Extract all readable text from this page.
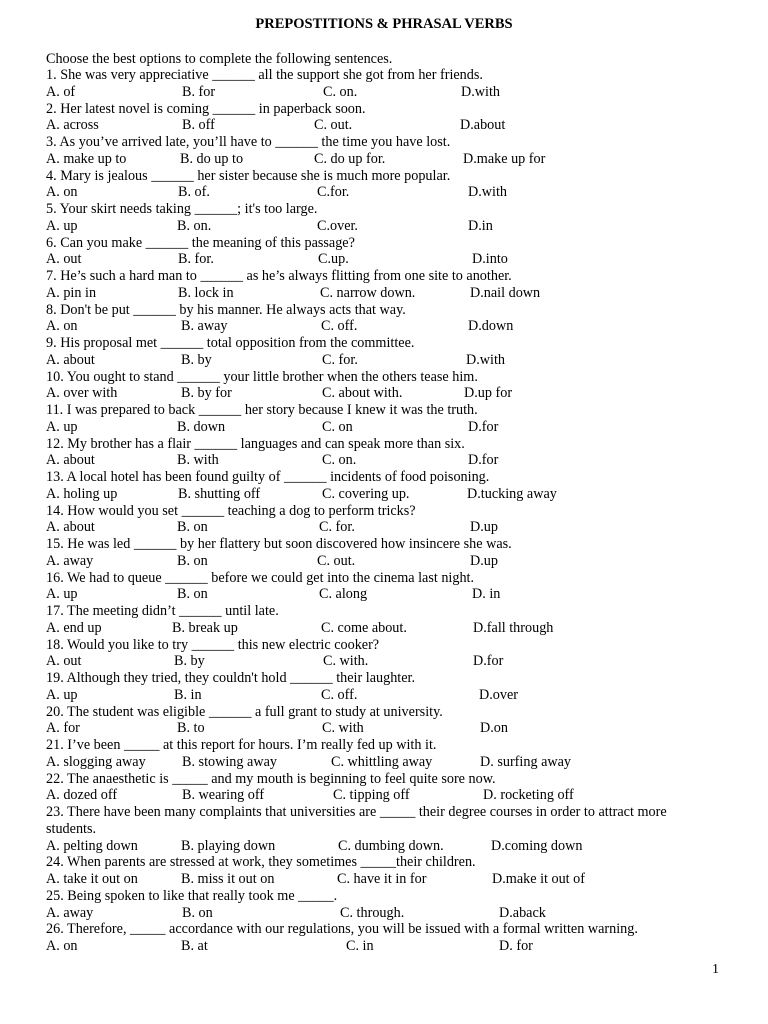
PREPOSTITIONS & PHRASAL VERBS
Choose the best options to complete the following sentences.
1. She was very appreciative ______ all the support she got from her friends.
A. of	B. for	C. on.	D.with
2. Her latest novel is coming ______ in paperback soon.
A. across	B. off	C. out.	D.about
3. As you’ve arrived late, you’ll have to ______ the time you have lost.
A. make up to	B. do up to	C. do up for.	D.make up for
4. Mary is jealous ______ her sister because she is much more popular.
A. on	B. of.	C.for.	D.with
5. Your skirt needs taking ______; it's too large.
A. up	B. on.	C.over.	D.in
6. Can you make ______ the meaning of this passage?
A. out	B. for.	C.up.	D.into
7. He’s such a hard man to ______ as he’s always flitting from one site to another.
A. pin in	B. lock in	C. narrow down.	D.nail down
8. Don't be put ______ by his manner. He always acts that way.
A. on	B. away	C. off.	D.down
9. His proposal met ______ total opposition from the committee.
A. about	B. by	C. for.	D.with
10. You ought to stand ______ your little brother when the others tease him.
A. over with	B. by for	C. about with.	D.up for
11. I was prepared to back ______ her story because I knew it was the truth.
A. up	B. down	C. on	D.for
12. My brother has a flair ______ languages and can speak more than six.
A. about	B. with	C. on.	D.for
13. A local hotel has been found guilty of ______ incidents of food poisoning.
A. holing up	B. shutting off	C. covering up.	D.tucking away
14. How would you set ______ teaching a dog to perform tricks?
A. about	B. on	C. for.	D.up
15. He was led ______ by her flattery but soon discovered how insincere she was.
A. away	B. on	C. out.	D.up
16. We had to queue ______ before we could get into the cinema last night.
A. up	B. on	C. along	D. in
17. The meeting didn’t ______ until late.
A. end up	B. break up	C. come about.	D.fall through
18. Would you like to try ______ this new electric cooker?
A. out	B. by	C. with.	D.for
19. Although they tried, they couldn't hold ______ their laughter.
A. up	B. in	C. off.	D.over
20. The student was eligible ______ a full grant to study at university.
A. for	B. to	C. with	D.on
21. I’ve been _____ at this report for hours. I’m really fed up with it.
A. slogging away	B. stowing away	C. whittling away	D. surfing away
22. The anaesthetic is _____ and my mouth is beginning to feel quite sore now.
A. dozed off	B. wearing off	C. tipping off	D. rocketing off
23. There have been many complaints that universities are _____ their degree courses in order to attract more students.
A. pelting down	B. playing down	C. dumbing down.	D.coming down
24. When parents are stressed at work, they sometimes _____their children.
A. take it out on	B. miss it out on	C. have it in for	D.make it out of
25. Being spoken to like that really took me _____.
A. away	B. on	C. through.	D.aback
26. Therefore, _____ accordance with our regulations, you will be issued with a formal written warning.
A. on	B. at	C. in	D. for
1
